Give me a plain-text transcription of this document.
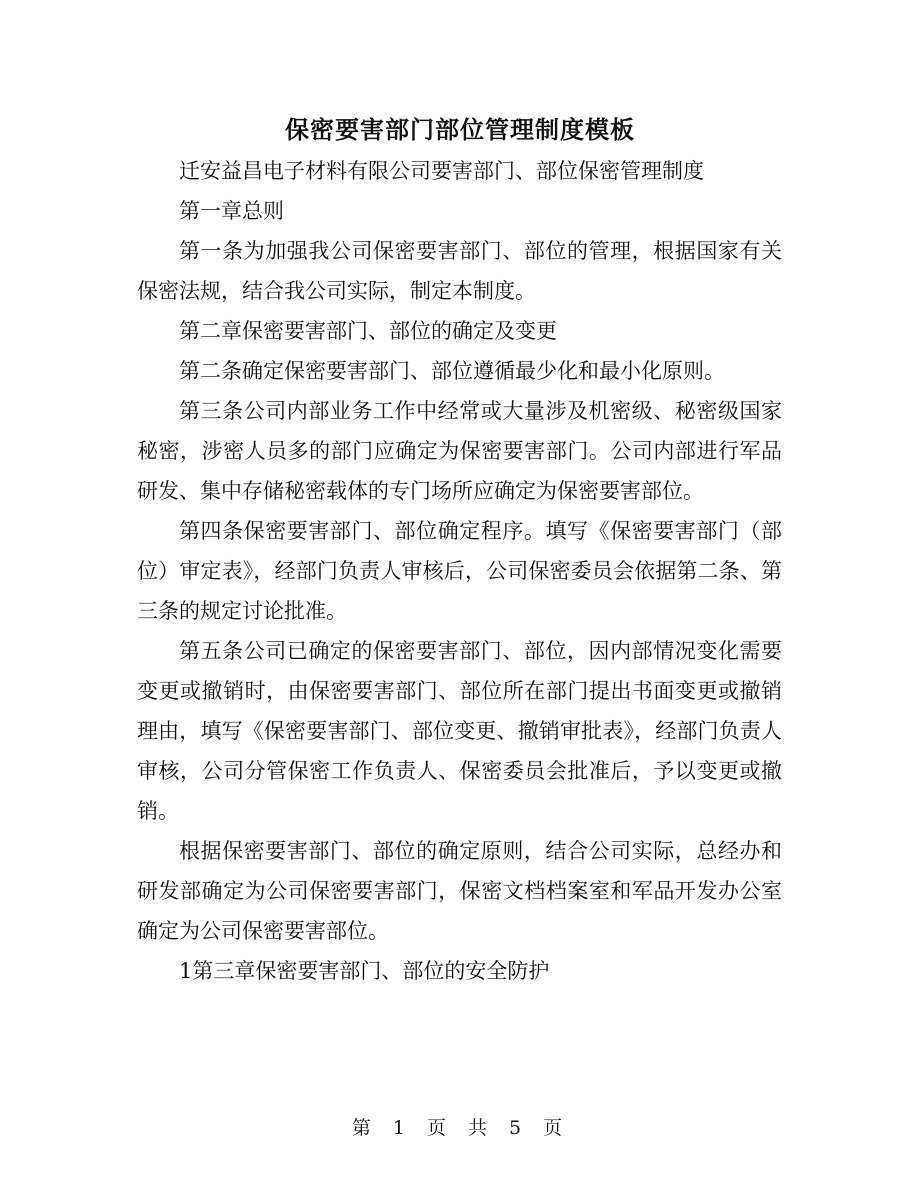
保密要害部门部位管理制度模板

迁安益昌电子材料有限公司要害部门、部位保密管理制度

第一章总则

第一条为加强我公司保密要害部门、部位的管理，根据国家有关保密法规，结合我公司实际，制定本制度。

第二章保密要害部门、部位的确定及变更

第二条确定保密要害部门、部位遵循最少化和最小化原则。

第三条公司内部业务工作中经常或大量涉及机密级、秘密级国家秘密，涉密人员多的部门应确定为保密要害部门。公司内部进行军品研发、集中存储秘密载体的专门场所应确定为保密要害部位。

第四条保密要害部门、部位确定程序。填写《保密要害部门（部位）审定表》，经部门负责人审核后，公司保密委员会依据第二条、第三条的规定讨论批准。

第五条公司已确定的保密要害部门、部位，因内部情况变化需要变更或撤销时，由保密要害部门、部位所在部门提出书面变更或撤销理由，填写《保密要害部门、部位变更、撤销审批表》，经部门负责人审核，公司分管保密工作负责人、保密委员会批准后，予以变更或撤销。

根据保密要害部门、部位的确定原则，结合公司实际，总经办和研发部确定为公司保密要害部门，保密文档档案室和军品开发办公室确定为公司保密要害部位。

1第三章保密要害部门、部位的安全防护

第 1 页 共 5 页
